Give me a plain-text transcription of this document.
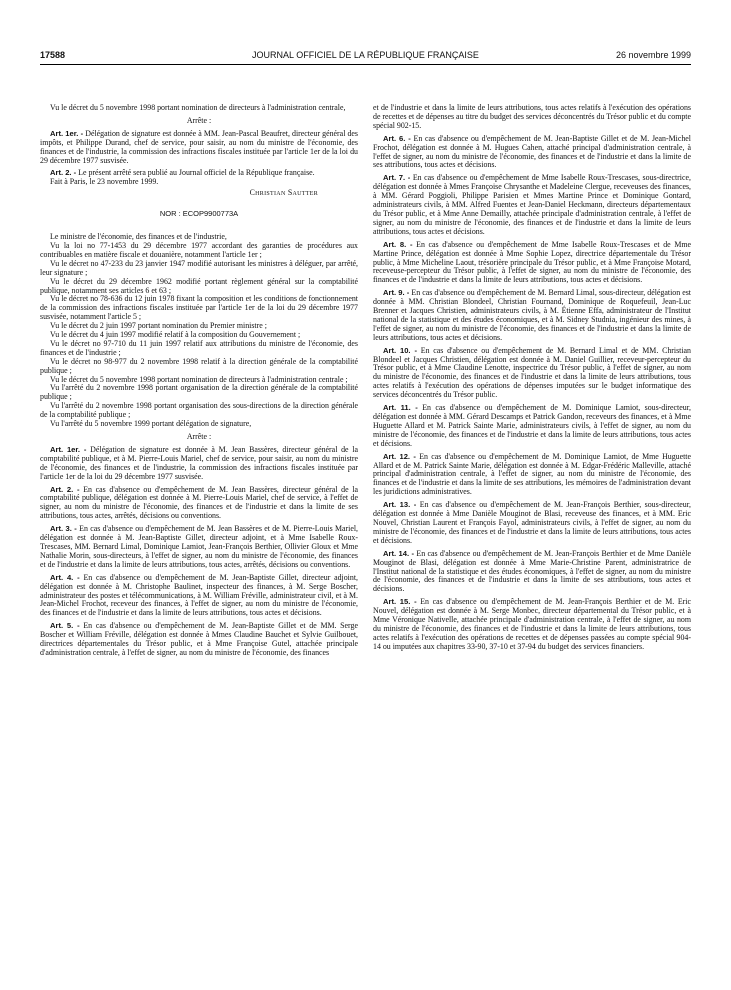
17588	JOURNAL OFFICIEL DE LA RÉPUBLIQUE FRANÇAISE	26 novembre 1999

Vu le décret du 5 novembre 1998 portant nomination de directeurs à l'administration centrale,

Arrête :

Art. 1er. - Délégation de signature est donnée à MM. Jean-Pascal Beaufret, directeur général des impôts, et Philippe Durand, chef de service, pour saisir, au nom du ministre de l'économie, des finances et de l'industrie, la commission des infractions fiscales instituée par l'article 1er de la loi du 29 décembre 1977 susvisée.

Art. 2. - Le présent arrêté sera publié au Journal officiel de la République française.

Fait à Paris, le 23 novembre 1999.

Christian Sautter

NOR : ECOP9900773A

Le ministre de l'économie, des finances et de l'industrie,

Vu la loi no 77-1453 du 29 décembre 1977 accordant des garanties de procédures aux contribuables en matière fiscale et douanière, notamment l'article 1er ;

Vu le décret no 47-233 du 23 janvier 1947 modifié autorisant les ministres à déléguer, par arrêté, leur signature ;

Vu le décret du 29 décembre 1962 modifié portant règlement général sur la comptabilité publique, notamment ses articles 6 et 63 ;

Vu le décret no 78-636 du 12 juin 1978 fixant la composition et les conditions de fonctionnement de la commission des infractions fiscales instituée par l'article 1er de la loi du 29 décembre 1977 susvisée, notamment l'article 5 ;

Vu le décret du 2 juin 1997 portant nomination du Premier ministre ;

Vu le décret du 4 juin 1997 modifié relatif à la composition du Gouvernement ;

Vu le décret no 97-710 du 11 juin 1997 relatif aux attributions du ministre de l'économie, des finances et de l'industrie ;

Vu le décret no 98-977 du 2 novembre 1998 relatif à la direction générale de la comptabilité publique ;

Vu le décret du 5 novembre 1998 portant nomination de directeurs à l'administration centrale ;

Vu l'arrêté du 2 novembre 1998 portant organisation de la direction générale de la comptabilité publique ;

Vu l'arrêté du 2 novembre 1998 portant organisation des sous-directions de la direction générale de la comptabilité publique ;

Vu l'arrêté du 5 novembre 1999 portant délégation de signature,

Arrête :

Art. 1er. - Délégation de signature est donnée à M. Jean Bassères, directeur général de la comptabilité publique, et à M. Pierre-Louis Mariel, chef de service, pour saisir, au nom du ministre de l'économie, des finances et de l'industrie, la commission des infractions fiscales instituée par l'article 1er de la loi du 29 décembre 1977 susvisée.

Art. 2. - En cas d'absence ou d'empêchement de M. Jean Bassères, directeur général de la comptabilité publique, délégation est donnée à M. Pierre-Louis Mariel, chef de service, à l'effet de signer, au nom du ministre de l'économie, des finances et de l'industrie et dans la limite de ses attributions, tous actes, arrêtés, décisions ou conventions.

Art. 3. - En cas d'absence ou d'empêchement de M. Jean Bassères et de M. Pierre-Louis Mariel, délégation est donnée à M. Jean-Baptiste Gillet, directeur adjoint, et à Mme Isabelle Roux-Trescases, MM. Bernard Limal, Dominique Lamiot, Jean-François Berthier, Ollivier Gloux et Mme Nathalie Morin, sous-directeurs, à l'effet de signer, au nom du ministre de l'économie, des finances et de l'industrie et dans la limite de leurs attributions, tous actes, arrêtés, décisions ou conventions.

Art. 4. - En cas d'absence ou d'empêchement de M. Jean-Baptiste Gillet, directeur adjoint, délégation est donnée à M. Christophe Baulinet, inspecteur des finances, à M. Serge Boscher, administrateur des postes et télécommunications, à M. William Fréville, administrateur civil, et à M. Jean-Michel Frochot, receveur des finances, à l'effet de signer, au nom du ministre de l'économie, des finances et de l'industrie et dans la limite de leurs attributions, tous actes et décisions.

Art. 5. - En cas d'absence ou d'empêchement de M. Jean-Baptiste Gillet et de MM. Serge Boscher et William Fréville, délégation est donnée à Mmes Claudine Bauchet et Sylvie Guilbouet, directrices départementales du Trésor public, et à Mme Françoise Gutel, attachée principale d'administration centrale, à l'effet de signer, au nom du ministre de l'économie, des finances

et de l'industrie et dans la limite de leurs attributions, tous actes relatifs à l'exécution des opérations de recettes et de dépenses au titre du budget des services déconcentrés du Trésor public et du compte spécial 902-15.

Art. 6. - En cas d'absence ou d'empêchement de M. Jean-Baptiste Gillet et de M. Jean-Michel Frochot, délégation est donnée à M. Hugues Cahen, attaché principal d'administration centrale, à l'effet de signer, au nom du ministre de l'économie, des finances et de l'industrie et dans la limite de ses attributions, tous actes et décisions.

Art. 7. - En cas d'absence ou d'empêchement de Mme Isabelle Roux-Trescases, sous-directrice, délégation est donnée à Mmes Françoise Chrysanthe et Madeleine Clergue, receveuses des finances, à MM. Gérard Poggioli, Philippe Parisien et Mmes Martine Prince et Dominique Gontard, administrateurs civils, à MM. Alfred Fuentes et Jean-Daniel Heckmann, directeurs départementaux du Trésor public, et à Mme Anne Demailly, attachée principale d'administration centrale, à l'effet de signer, au nom du ministre de l'économie, des finances et de l'industrie et dans la limite de leurs attributions, tous actes et décisions.

Art. 8. - En cas d'absence ou d'empêchement de Mme Isabelle Roux-Trescases et de Mme Martine Prince, délégation est donnée à Mme Sophie Lopez, directrice départementale du Trésor public, à Mme Micheline Laout, trésorière principale du Trésor public, et à Mme Françoise Motard, receveuse-percepteur du Trésor public, à l'effet de signer, au nom du ministre de l'économie, des finances et de l'industrie et dans la limite de leurs attributions, tous actes et décisions.

Art. 9. - En cas d'absence ou d'empêchement de M. Bernard Limal, sous-directeur, délégation est donnée à MM. Christian Blondeel, Christian Fournand, Dominique de Roquefeuil, Jean-Luc Brenner et Jacques Christien, administrateurs civils, à M. Étienne Effa, administrateur de l'Institut national de la statistique et des études économiques, et à M. Sidney Studnia, ingénieur des mines, à l'effet de signer, au nom du ministre de l'économie, des finances et de l'industrie et dans la limite de leurs attributions, tous actes et décisions.

Art. 10. - En cas d'absence ou d'empêchement de M. Bernard Limal et de MM. Christian Blondeel et Jacques Christien, délégation est donnée à M. Daniel Guillier, receveur-percepteur du Trésor public, et à Mme Claudine Lenotte, inspectrice du Trésor public, à l'effet de signer, au nom du ministre de l'économie, des finances et de l'industrie et dans la limite de leurs attributions, tous actes relatifs à l'exécution des opérations de dépenses imputées sur le budget informatique des services déconcentrés du Trésor public.

Art. 11. - En cas d'absence ou d'empêchement de M. Dominique Lamiot, sous-directeur, délégation est donnée à MM. Gérard Descamps et Patrick Gandon, receveurs des finances, et à Mme Huguette Allard et M. Patrick Sainte Marie, administrateurs civils, à l'effet de signer, au nom du ministre de l'économie, des finances et de l'industrie et dans la limite de leurs attributions, tous actes et décisions.

Art. 12. - En cas d'absence ou d'empêchement de M. Dominique Lamiot, de Mme Huguette Allard et de M. Patrick Sainte Marie, délégation est donnée à M. Edgar-Frédéric Malleville, attaché principal d'administration centrale, à l'effet de signer, au nom du ministre de l'économie, des finances et de l'industrie et dans la limite de ses attributions, les mémoires de l'administration devant les juridictions administratives.

Art. 13. - En cas d'absence ou d'empêchement de M. Jean-François Berthier, sous-directeur, délégation est donnée à Mme Danièle Mouginot de Blasi, receveuse des finances, et à MM. Eric Nouvel, Christian Laurent et François Fayol, administrateurs civils, à l'effet de signer, au nom du ministre de l'économie, des finances et de l'industrie et dans la limite de leurs attributions, tous actes et décisions.

Art. 14. - En cas d'absence ou d'empêchement de M. Jean-François Berthier et de Mme Danièle Mouginot de Blasi, délégation est donnée à Mme Marie-Christine Parent, administratrice de l'Institut national de la statistique et des études économiques, à l'effet de signer, au nom du ministre de l'économie, des finances et de l'industrie et dans la limite de ses attributions, tous actes et décisions.

Art. 15. - En cas d'absence ou d'empêchement de M. Jean-François Berthier et de M. Eric Nouvel, délégation est donnée à M. Serge Monbec, directeur départemental du Trésor public, et à Mme Véronique Nativelle, attachée principale d'administration centrale, à l'effet de signer, au nom du ministre de l'économie, des finances et de l'industrie et dans la limite de leurs attributions, tous actes relatifs à l'exécution des opérations de recettes et de dépenses passées au compte spécial 904-14 ou imputées aux chapitres 33-90, 37-10 et 37-94 du budget des services financiers.
